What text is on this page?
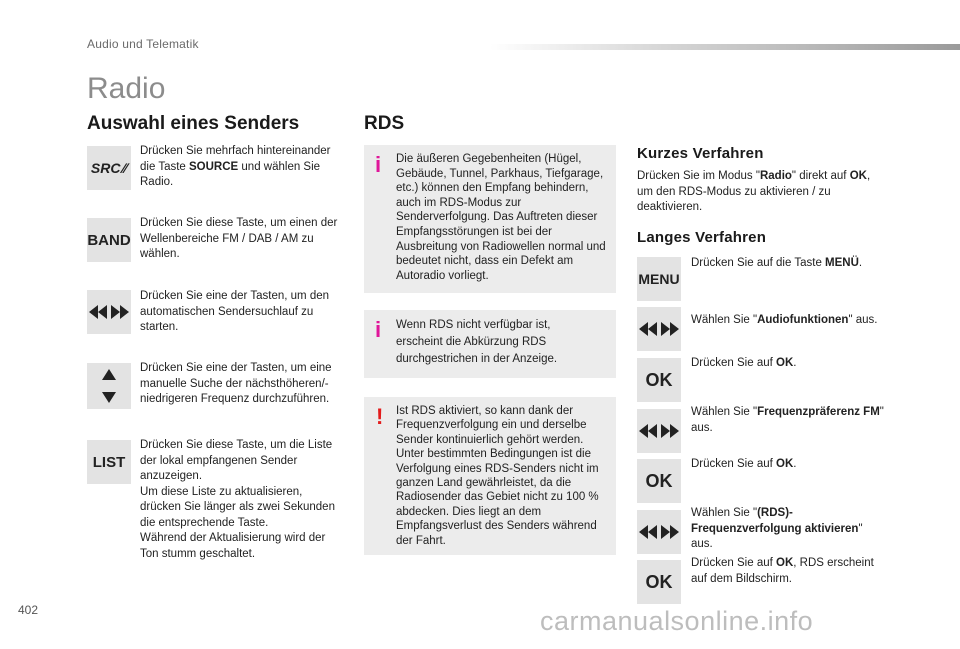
Audio und Telematik
Radio
Auswahl eines Senders
SRC ∕∕
Drücken Sie mehrfach hintereinander die Taste SOURCE und wählen Sie Radio.
BAND
Drücken Sie diese Taste, um einen der Wellenbereiche FM / DAB / AM zu wählen.
Drücken Sie eine der Tasten, um den automatischen Sendersuchlauf zu starten.
Drücken Sie eine der Tasten, um eine manuelle Suche der nächsthöheren/-niedrigeren Frequenz durchzuführen.
LIST
Drücken Sie diese Taste, um die Liste der lokal empfangenen Sender anzuzeigen.
Um diese Liste zu aktualisieren, drücken Sie länger als zwei Sekunden die entsprechende Taste.
Während der Aktualisierung wird der Ton stumm geschaltet.
RDS
i Die äußeren Gegebenheiten (Hügel, Gebäude, Tunnel, Parkhaus, Tiefgarage, etc.) können den Empfang behindern, auch im RDS-Modus zur Senderverfolgung. Das Auftreten dieser Empfangsstörungen ist bei der Ausbreitung von Radiowellen normal und bedeutet nicht, dass ein Defekt am Autoradio vorliegt.
i Wenn RDS nicht verfügbar ist, erscheint die Abkürzung RDS durchgestrichen in der Anzeige.
! Ist RDS aktiviert, so kann dank der Frequenzverfolgung ein und derselbe Sender kontinuierlich gehört werden. Unter bestimmten Bedingungen ist die Verfolgung eines RDS-Senders nicht im ganzen Land gewährleistet, da die Radiosender das Gebiet nicht zu 100 % abdecken. Dies liegt an dem Empfangsverlust des Senders während der Fahrt.
Kurzes Verfahren
Drücken Sie im Modus "Radio" direkt auf OK, um den RDS-Modus zu aktivieren / zu deaktivieren.
Langes Verfahren
MENU
Drücken Sie auf die Taste MENÜ.
Wählen Sie "Audiofunktionen" aus.
OK
Drücken Sie auf OK.
Wählen Sie "Frequenzpräferenz FM" aus.
OK
Drücken Sie auf OK.
Wählen Sie "(RDS)-Frequenzverfolgung aktivieren" aus.
OK
Drücken Sie auf OK, RDS erscheint auf dem Bildschirm.
402	carmanualsonline.info
